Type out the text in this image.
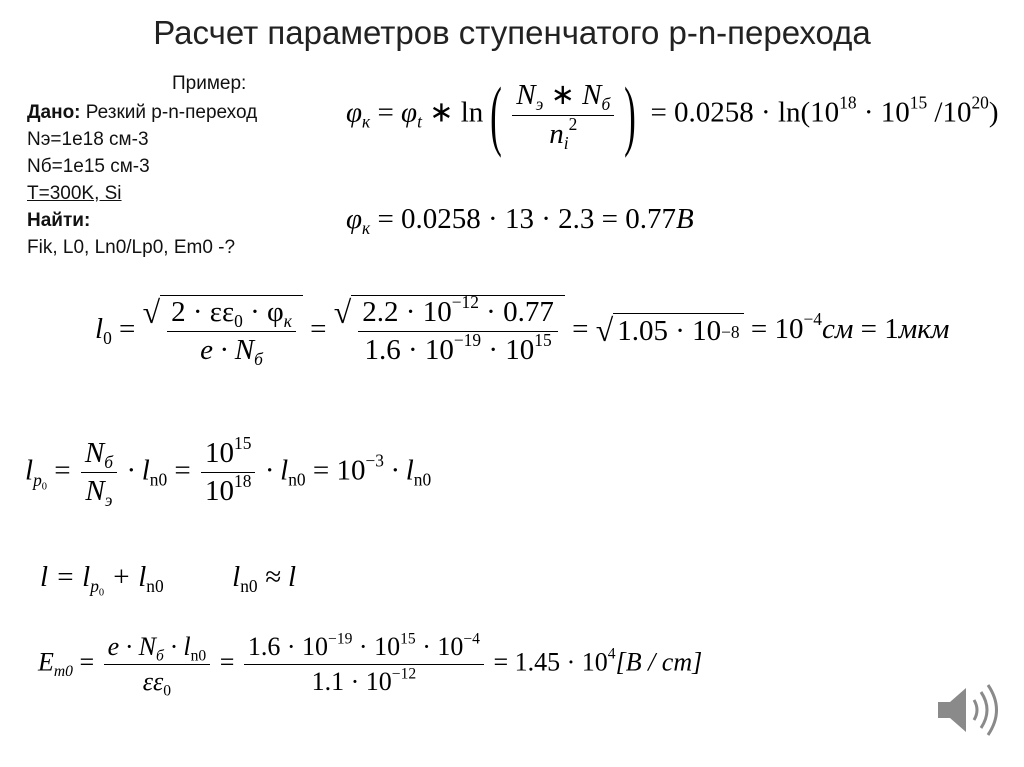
Расчет параметров ступенчатого p-n-перехода
Пример:
Дано: Резкий p-n-переход
Nэ=1e18 см-3
Nб=1e15 см-3
T=300K, Si
Найти:
Fik, L0, Ln0/Lp0, Em0 -?
$\varphi_к = \varphi_t$ ∗ $\ln( \frac{N_э ∗ N_б}{n_i^2}$ ) = $0.0258 \cdot \ln(10^{18} \cdot 10^{15}$ $/10^{20}$)
$\varphi_к = 0.0258 \cdot 13 \cdot 2.3 = 0.77B$
$l_0$ = √ $\frac{2 \cdot \varepsilon\varepsilon_0 \cdot \varphi_к}{e \cdot N_б}$ = √ $\frac{2.2 \cdot 10^{-12} \cdot 0.77}{1.6 \cdot 10^{-19} \cdot 10^{15}}$ = √ $1.05 \cdot 10 -8 = 10^{-4}см = 1мкм$
$l_{p_0} = \frac{N_б}{N_э} \cdot l_{n0} = \frac{10^{15}}{10^{18}} \cdot l_{n0} = 10^{-3} \cdot l_{n0}$
$l = l_{p_0} + l_{n0}$ $l_{n0} \approx l$
$E_{m0} = \frac{e \cdot N_б \cdot l_{n0}}{\varepsilon\varepsilon_0} = \frac{1.6 \cdot 10^{-19} \cdot 10^{15} \cdot 10^{-4}}{1.1 \cdot 10^{-12}} = 1.45 \cdot 10^4[B / cm]$
